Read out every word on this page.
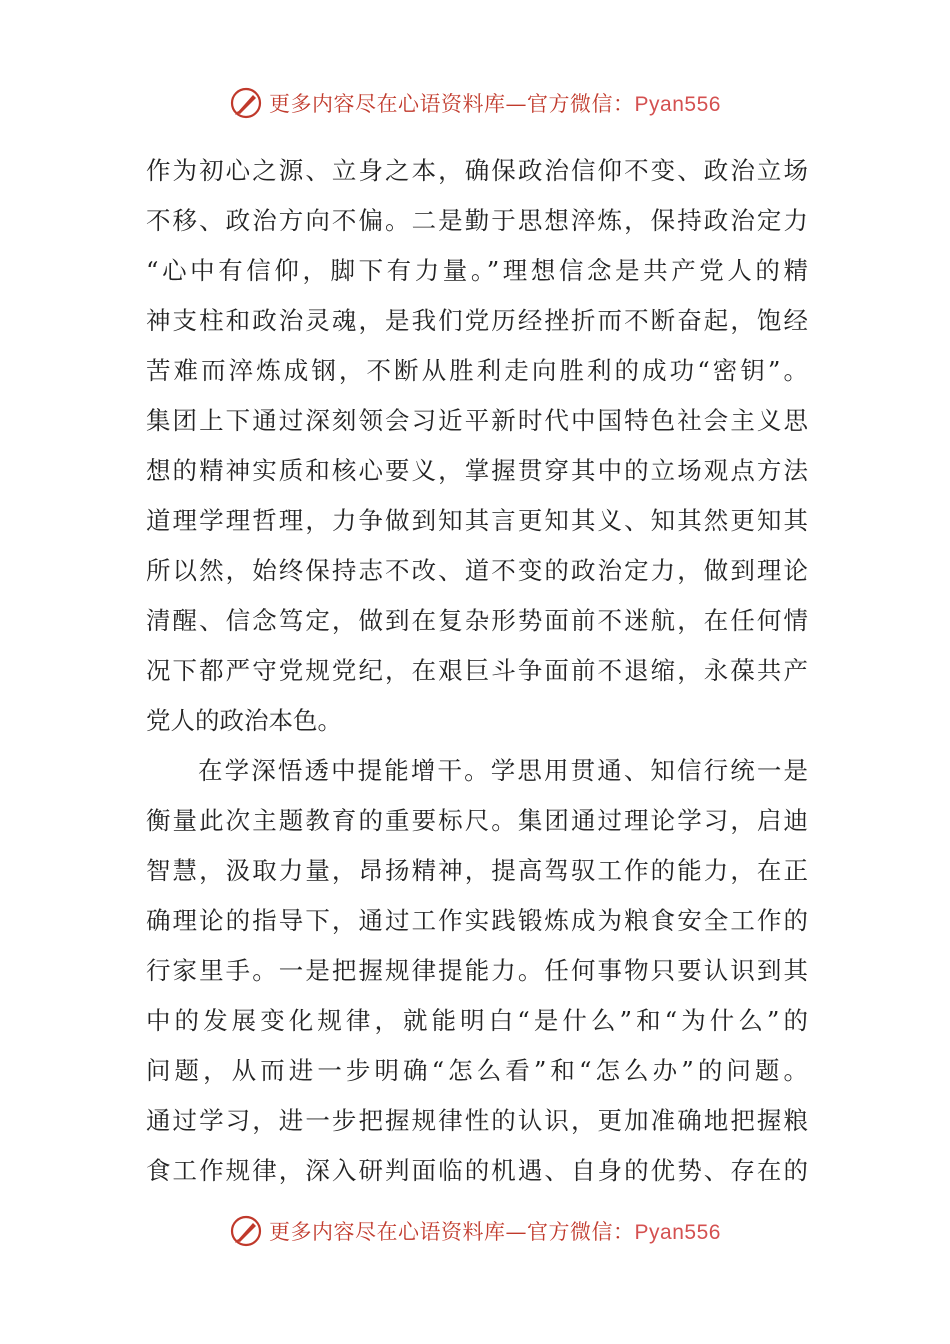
更多内容尽在心语资料库—官方微信：Pyan556
作为初心之源、立身之本，确保政治信仰不变、政治立场
不移、政治方向不偏。二是勤于思想淬炼，保持政治定力
“心中有信仰，脚下有力量。”理想信念是共产党人的精
神支柱和政治灵魂，是我们党历经挫折而不断奋起，饱经
苦难而淬炼成钢，不断从胜利走向胜利的成功“密钥”。
集团上下通过深刻领会习近平新时代中国特色社会主义思
想的精神实质和核心要义，掌握贯穿其中的立场观点方法
道理学理哲理，力争做到知其言更知其义、知其然更知其
所以然，始终保持志不改、道不变的政治定力，做到理论
清醒、信念笃定，做到在复杂形势面前不迷航，在任何情
况下都严守党规党纪，在艰巨斗争面前不退缩，永葆共产
党人的政治本色。
在学深悟透中提能增干。学思用贯通、知信行统一是
衡量此次主题教育的重要标尺。集团通过理论学习，启迪
智慧，汲取力量，昂扬精神，提高驾驭工作的能力，在正
确理论的指导下，通过工作实践锻炼成为粮食安全工作的
行家里手。一是把握规律提能力。任何事物只要认识到其
中的发展变化规律，就能明白“是什么”和“为什么”的
问题，从而进一步明确“怎么看”和“怎么办”的问题。
通过学习，进一步把握规律性的认识，更加准确地把握粮
食工作规律，深入研判面临的机遇、自身的优势、存在的
更多内容尽在心语资料库—官方微信：Pyan556
